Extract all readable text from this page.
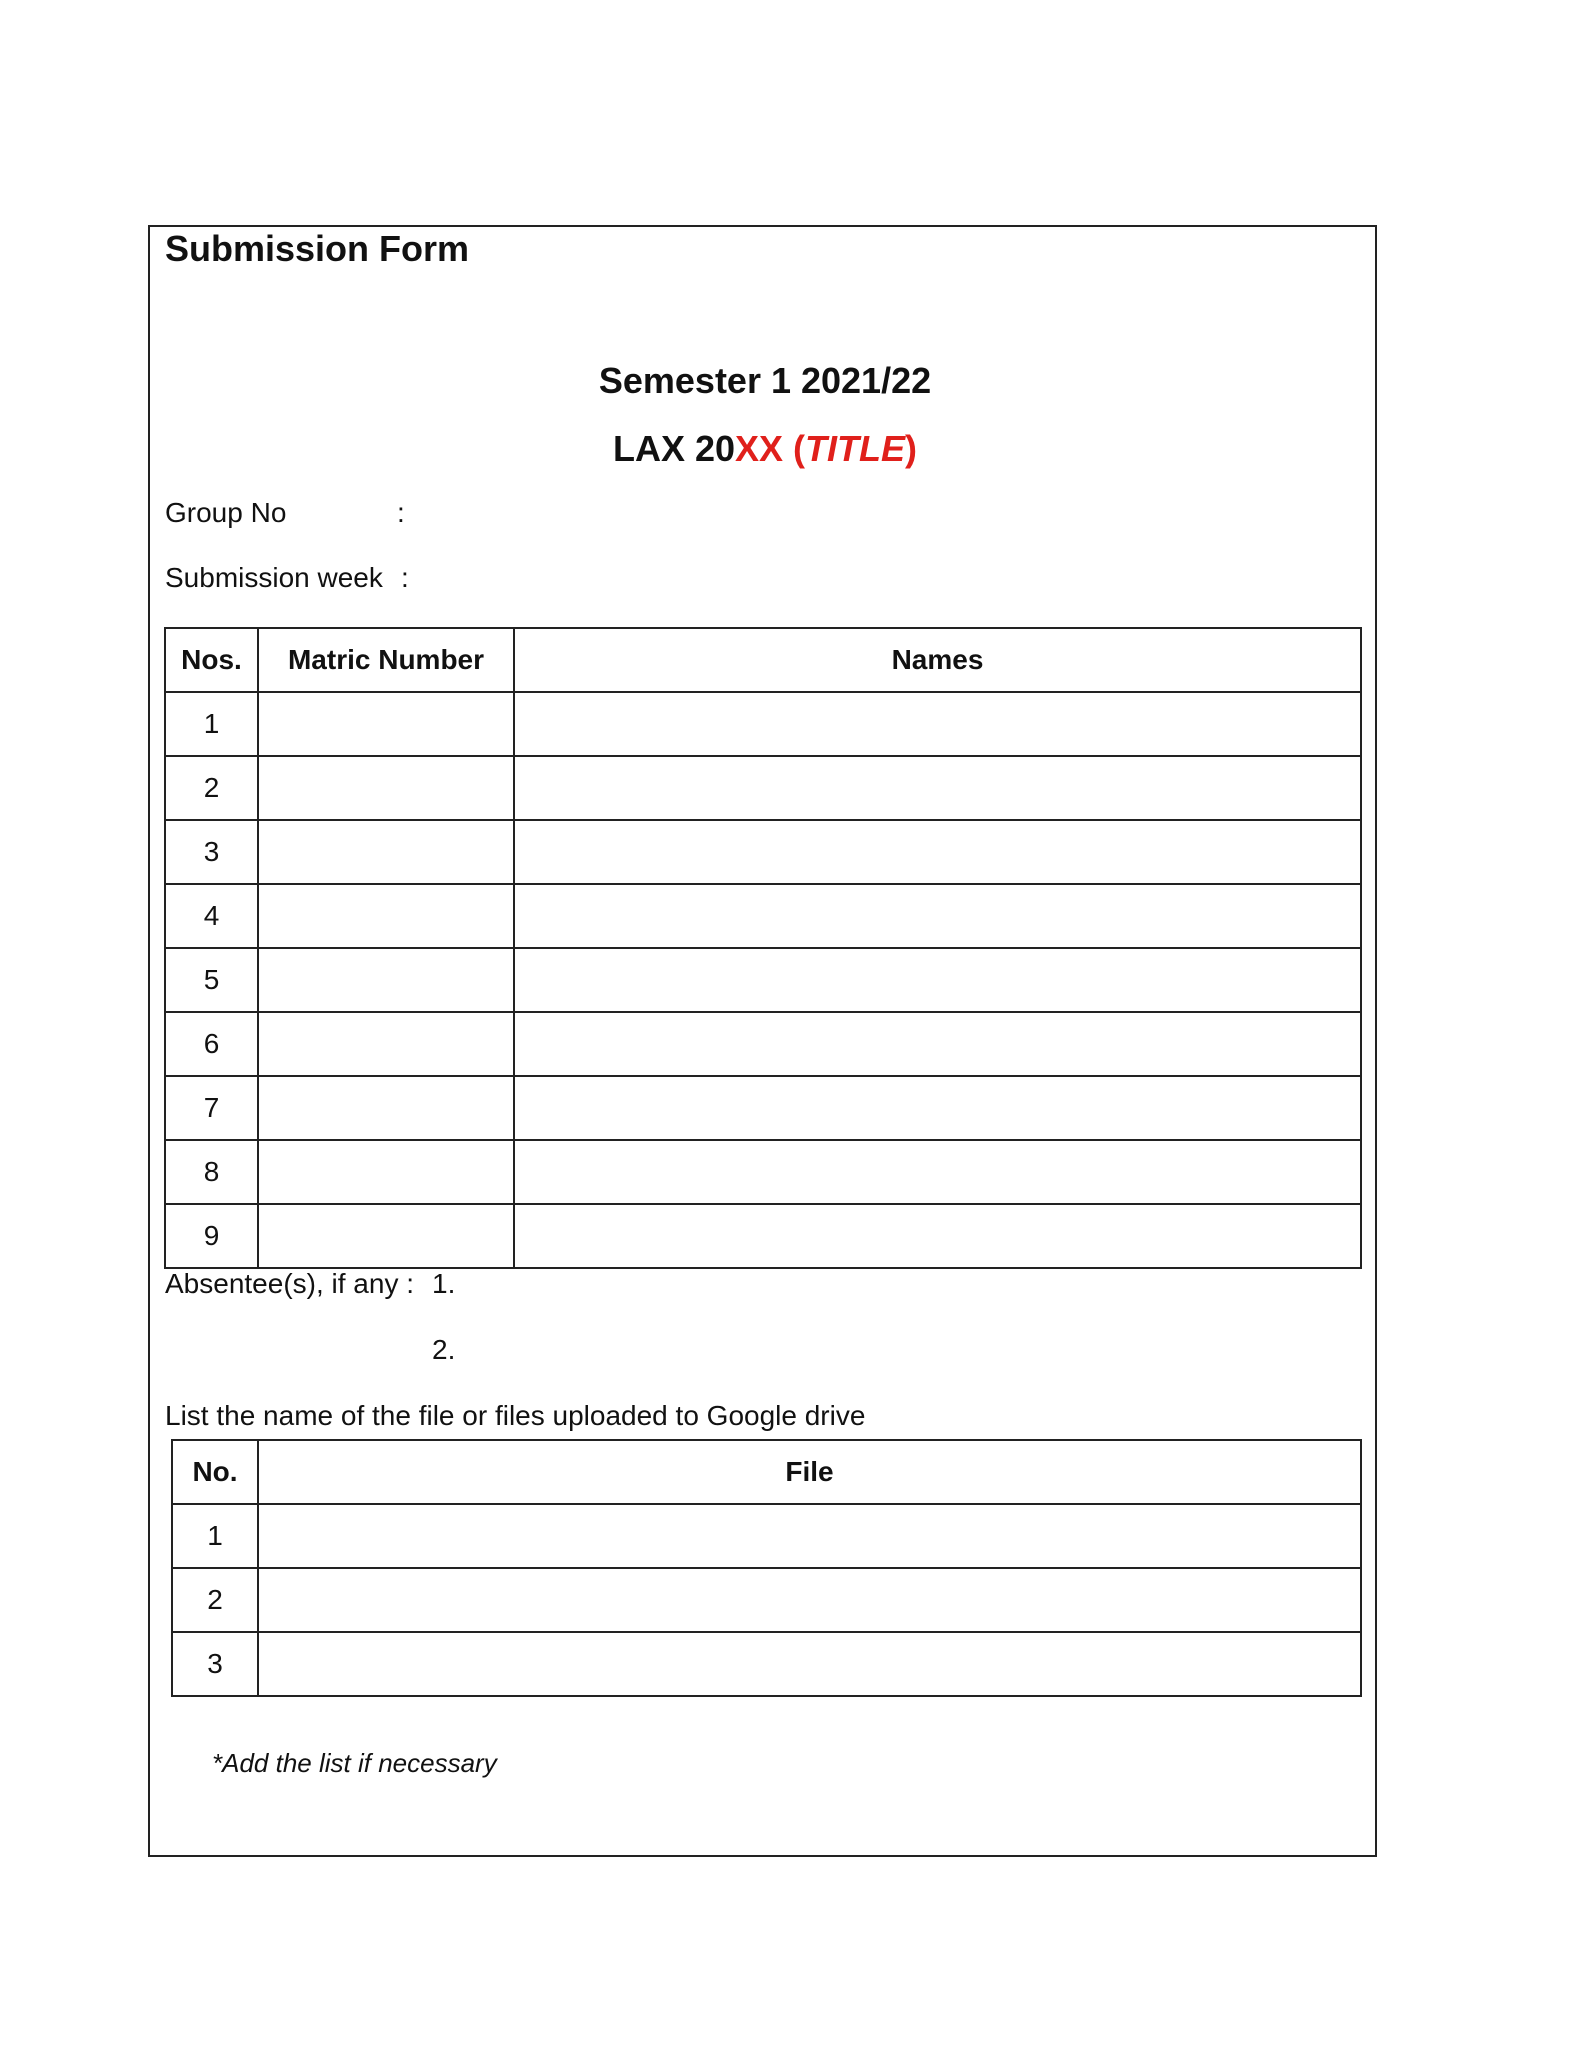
Submission Form
Semester 1 2021/22
LAX 20XX (TITLE)
Group No	:
Submission week :
Nos.	Matric Number	Names
1		
2		
3		
4		
5		
6		
7		
8		
9		
Absentee(s), if any : 1.
2.
List the name of the file or files uploaded to Google drive
No.	File
1	
2	
3	
*Add the list if necessary
